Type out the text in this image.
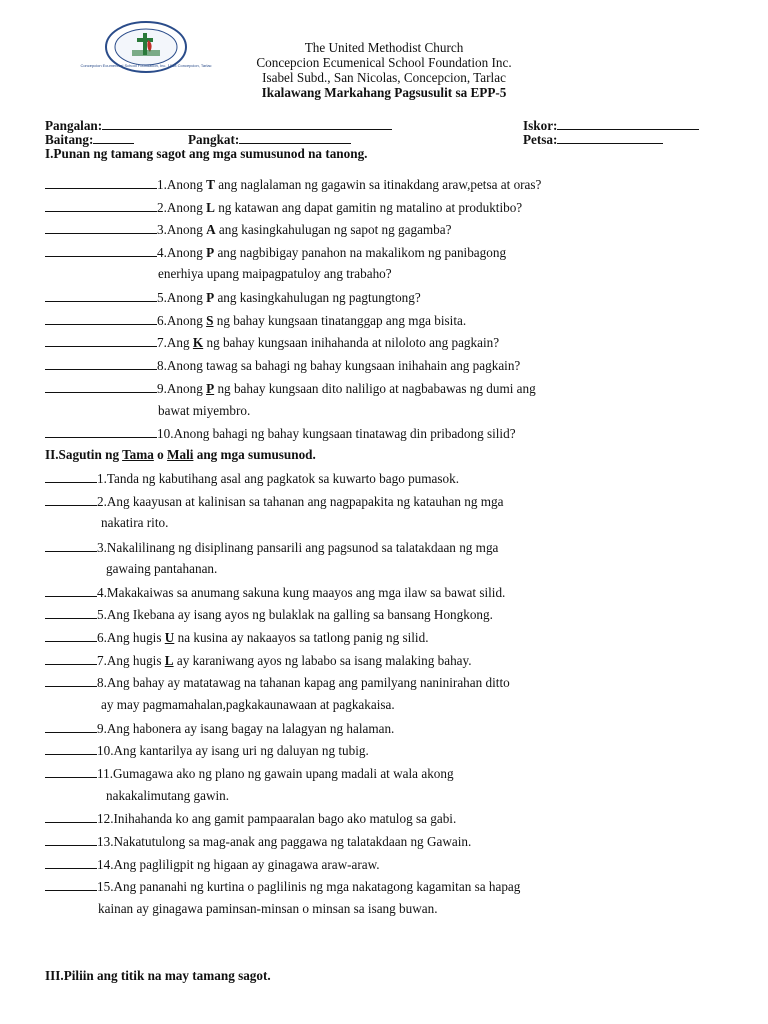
Concepcion Ecumenical School Foundation, Inc. 1968 Concepcion, Tarlac
The United Methodist Church
Concepcion Ecumenical School Foundation Inc.
Isabel Subd., San Nicolas, Concepcion, Tarlac
Ikalawang Markahang Pagsusulit sa EPP-5
Pangalan:	Iskor:
Baitang:	Pangkat:	Petsa:
I.Punan ng tamang sagot ang mga sumusunod na tanong.
1.Anong T ang naglalaman ng gagawin sa itinakdang araw,petsa at oras?
2.Anong L ng katawan ang dapat gamitin ng matalino at produktibo?
3.Anong A ang kasingkahulugan ng sapot ng gagamba?
4.Anong P ang nagbibigay panahon na makalikom ng panibagong
enerhiya upang maipagpatuloy ang trabaho?
5.Anong P ang kasingkahulugan ng pagtungtong?
6.Anong S ng bahay kungsaan tinatanggap ang mga bisita.
7.Ang K ng bahay kungsaan inihahanda at niloloto ang pagkain?
8.Anong tawag sa bahagi ng bahay kungsaan inihahain ang pagkain?
9.Anong P ng bahay kungsaan dito naliligo at nagbabawas ng dumi ang
bawat miyembro.
10.Anong bahagi ng bahay kungsaan tinatawag din pribadong silid?
II.Sagutin ng Tama o Mali ang mga sumusunod.
1.Tanda ng kabutihang asal ang pagkatok sa kuwarto bago pumasok.
2.Ang kaayusan at kalinisan sa tahanan ang nagpapakita ng katauhan ng mga
nakatira rito.
3.Nakalilinang ng disiplinang pansarili ang pagsunod sa talatakdaan ng mga
gawaing pantahanan.
4.Makakaiwas sa anumang sakuna kung maayos ang mga ilaw sa bawat silid.
5.Ang Ikebana ay isang ayos ng bulaklak na galling sa bansang Hongkong.
6.Ang hugis U na kusina ay nakaayos sa tatlong panig ng silid.
7.Ang hugis L ay karaniwang ayos ng lababo sa isang malaking bahay.
8.Ang bahay ay matatawag na tahanan kapag ang pamilyang naninirahan ditto
ay may pagmamahalan,pagkakaunawaan at pagkakaisa.
9.Ang habonera ay isang bagay na lalagyan ng halaman.
10.Ang kantarilya ay isang uri ng daluyan ng tubig.
11.Gumagawa ako ng plano ng gawain upang madali at wala akong
nakakalimutang gawin.
12.Inihahanda ko ang gamit pampaaralan bago ako matulog sa gabi.
13.Nakatutulong sa mag-anak ang paggawa ng talatakdaan ng Gawain.
14.Ang pagliligpit ng higaan ay ginagawa araw-araw.
15.Ang pananahi ng kurtina o paglilinis ng mga nakatagong kagamitan sa hapag
kainan ay ginagawa paminsan-minsan o minsan sa isang buwan.
III.Piliin ang titik na may tamang sagot.
